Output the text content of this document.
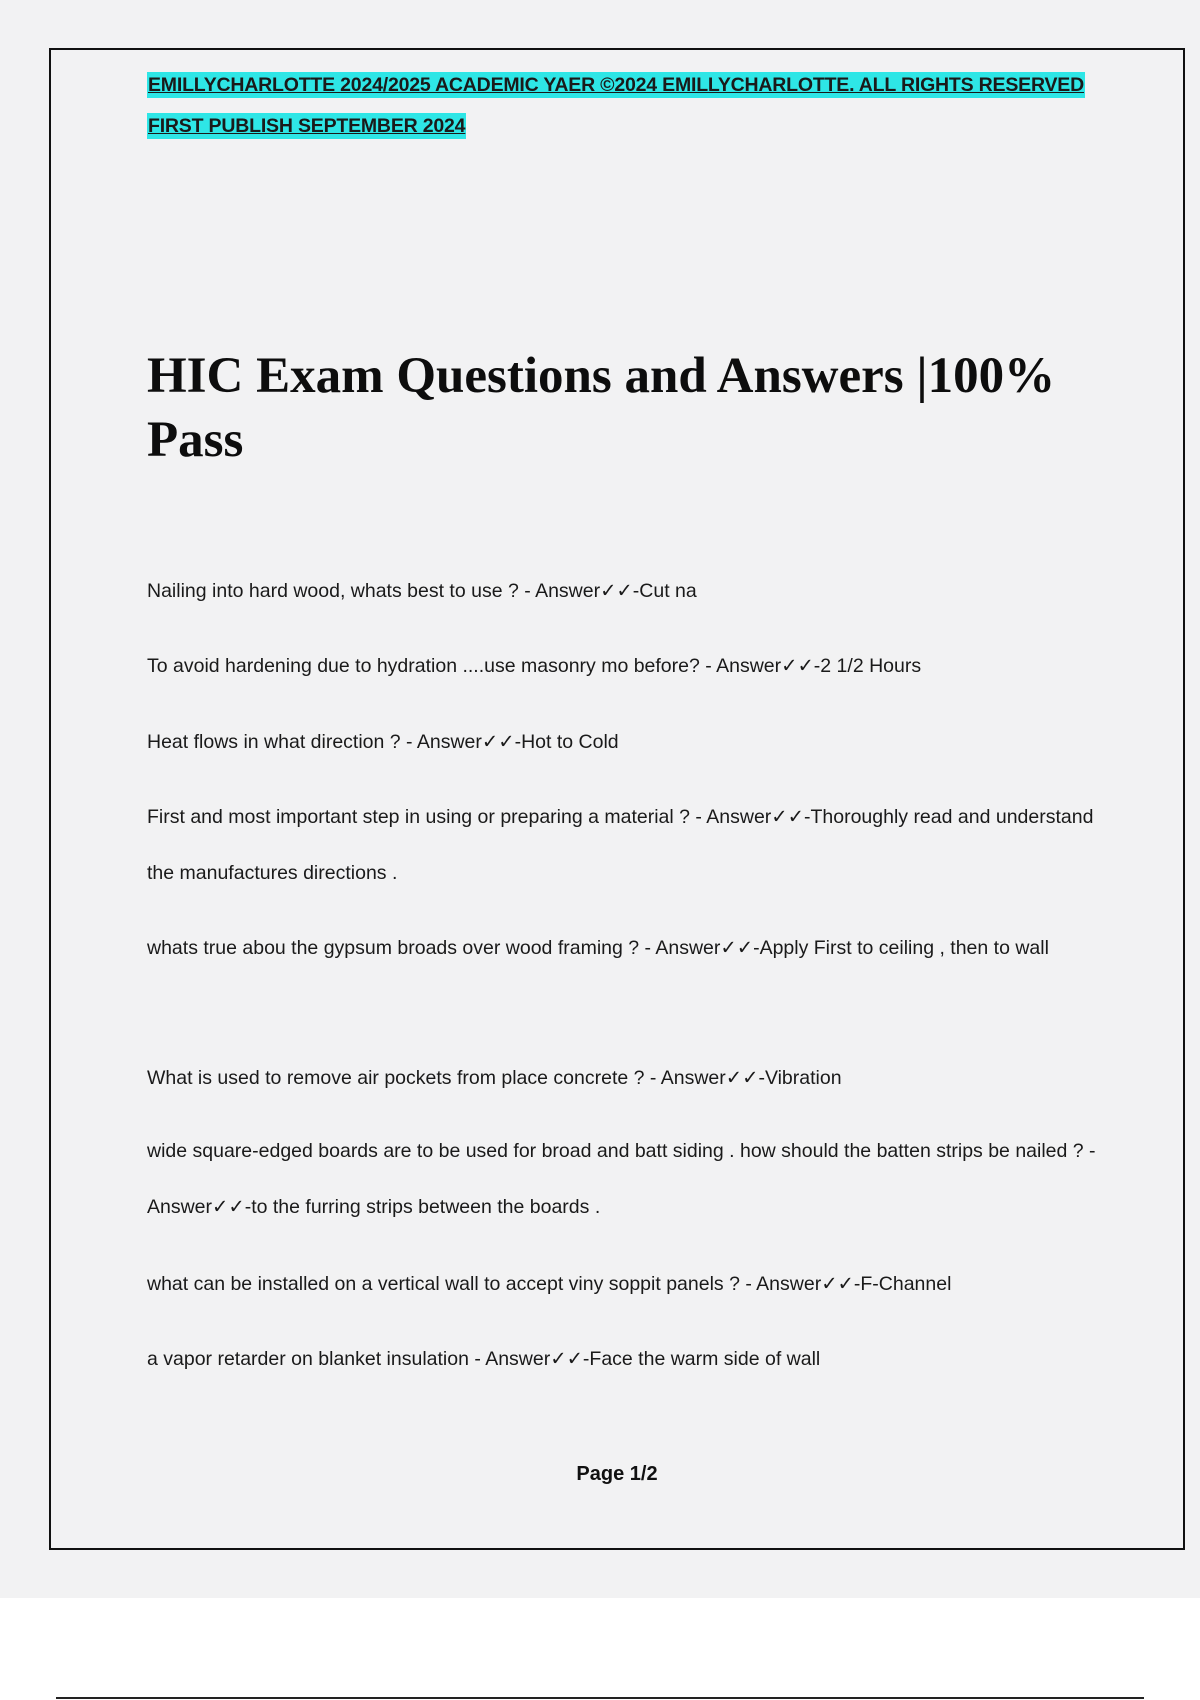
EMILLYCHARLOTTE 2024/2025 ACADEMIC YAER ©2024 EMILLYCHARLOTTE. ALL RIGHTS RESERVED
FIRST PUBLISH SEPTEMBER 2024
HIC Exam Questions and Answers |100% Pass
Nailing into hard wood, whats best to use ? - Answer✓✓-Cut na
To avoid hardening due to hydration ....use masonry mo before? - Answer✓✓-2 1/2 Hours
Heat flows in what direction ? - Answer✓✓-Hot to Cold
First and most important step in using or preparing a material ? - Answer✓✓-Thoroughly read and understand the manufactures directions .
whats true abou the gypsum broads over wood framing ? - Answer✓✓-Apply First to ceiling , then to wall
What is used to remove air pockets from place concrete ? - Answer✓✓-Vibration
wide square-edged boards are to be used for broad and batt siding . how should the batten strips be nailed ? - Answer✓✓-to the furring strips between the boards .
what can be installed on a vertical wall to accept viny soppit panels ? - Answer✓✓-F-Channel
a vapor retarder on blanket insulation - Answer✓✓-Face the warm side of wall
Page 1/2
